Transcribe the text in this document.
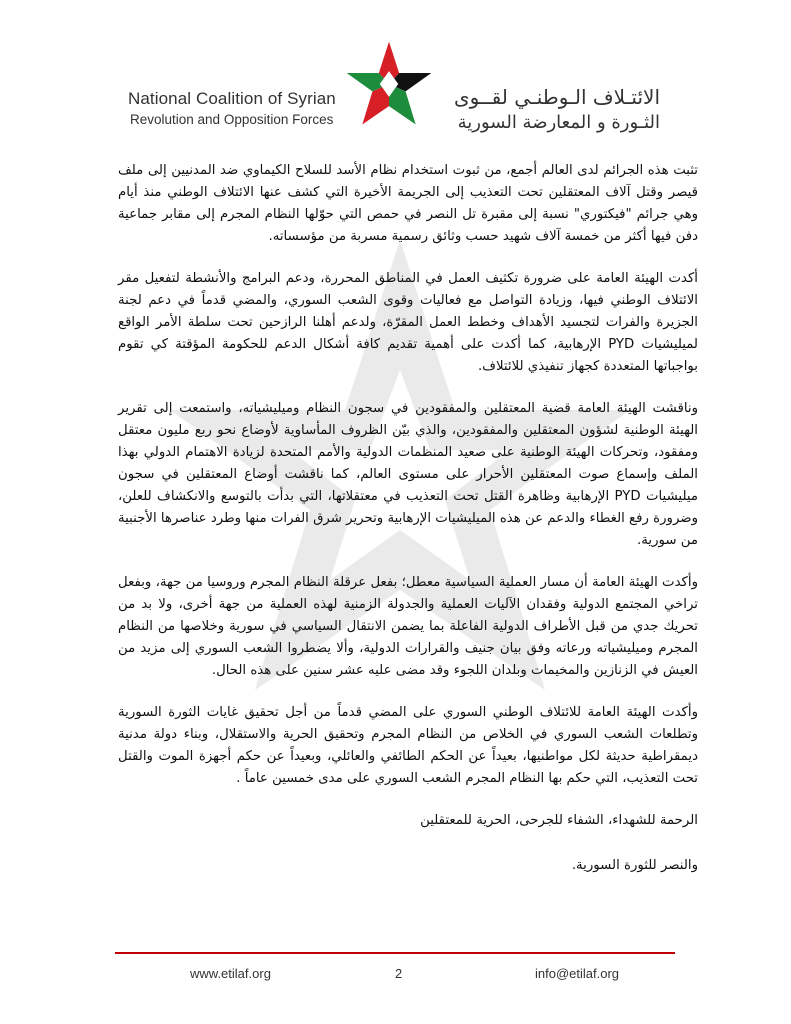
National Coalition of Syrian
Revolution and Opposition Forces
الائتـلاف الـوطنـي لقــوى
الثـورة و المعارضة السورية

تثبت هذه الجرائم لدى العالم أجمع، من ثبوت استخدام نظام الأسد للسلاح الكيماوي ضد المدنيين إلى ملف قيصر وقتل آلاف المعتقلين تحت التعذيب إلى الجريمة الأخيرة التي كشف عنها الائتلاف الوطني منذ أيام وهي جرائم "فيكتوري" نسبة إلى مقبرة تل النصر في حمص التي حوّلها النظام المجرم إلى مقابر جماعية دفن فيها أكثر من خمسة آلاف شهيد حسب وثائق رسمية مسربة من مؤسساته.

أكدت الهيئة العامة على ضرورة تكثيف العمل في المناطق المحررة، ودعم البرامج والأنشطة لتفعيل مقر الائتلاف الوطني فيها، وزيادة التواصل مع فعاليات وقوى الشعب السوري، والمضي قدماً في دعم لجنة الجزيرة والفرات لتجسيد الأهداف وخطط العمل المقرّة، ولدعم أهلنا الرازحين تحت سلطة الأمر الواقع لميليشيات PYD الإرهابية، كما أكدت على أهمية تقديم كافة أشكال الدعم للحكومة المؤقتة كي تقوم بواجباتها المتعددة كجهاز تنفيذي للائتلاف.

وناقشت الهيئة العامة قضية المعتقلين والمفقودين في سجون النظام وميليشياته، واستمعت إلى تقرير الهيئة الوطنية لشؤون المعتقلين والمفقودين، والذي بيّن الظروف المأساوية لأوضاع نحو ربع مليون معتقل ومفقود، وتحركات الهيئة الوطنية على صعيد المنظمات الدولية والأمم المتحدة لزيادة الاهتمام الدولي بهذا الملف وإسماع صوت المعتقلين الأحرار على مستوى العالم، كما ناقشت أوضاع المعتقلين في سجون ميليشيات PYD الإرهابية وظاهرة القتل تحت التعذيب في معتقلاتها، التي بدأت بالتوسع والانكشاف للعلن، وضرورة رفع الغطاء والدعم عن هذه الميليشيات الإرهابية وتحرير شرق الفرات منها وطرد عناصرها الأجنبية من سورية.

وأكدت الهيئة العامة أن مسار العملية السياسية معطل؛ بفعل عرقلة النظام المجرم وروسيا من جهة، وبفعل تراخي المجتمع الدولية وفقدان الآليات العملية والجدولة الزمنية لهذه العملية من جهة أخرى، ولا بد من تحريك جدي من قبل الأطراف الدولية الفاعلة بما يضمن الانتقال السياسي في سورية وخلاصها من النظام المجرم وميليشياته ورعاته وفق بيان جنيف والقرارات الدولية، وألا يضطروا الشعب السوري إلى مزيد من العيش في الزنازين والمخيمات وبلدان اللجوء وقد مضى عليه عشر سنين على هذه الحال.

وأكدت الهيئة العامة للائتلاف الوطني السوري على المضي قدماً من أجل تحقيق غايات الثورة السورية وتطلعات الشعب السوري في الخلاص من النظام المجرم وتحقيق الحرية والاستقلال، وبناء دولة مدنية ديمقراطية حديثة لكل مواطنيها، بعيداً عن الحكم الطائفي والعائلي، وبعيداً عن حكم أجهزة الموت والقتل تحت التعذيب، التي حكم بها النظام المجرم الشعب السوري على مدى خمسين عاماً .

الرحمة للشهداء، الشفاء للجرحى، الحرية للمعتقلين

والنصر للثورة السورية.

www.etilaf.org	2	info@etilaf.org
